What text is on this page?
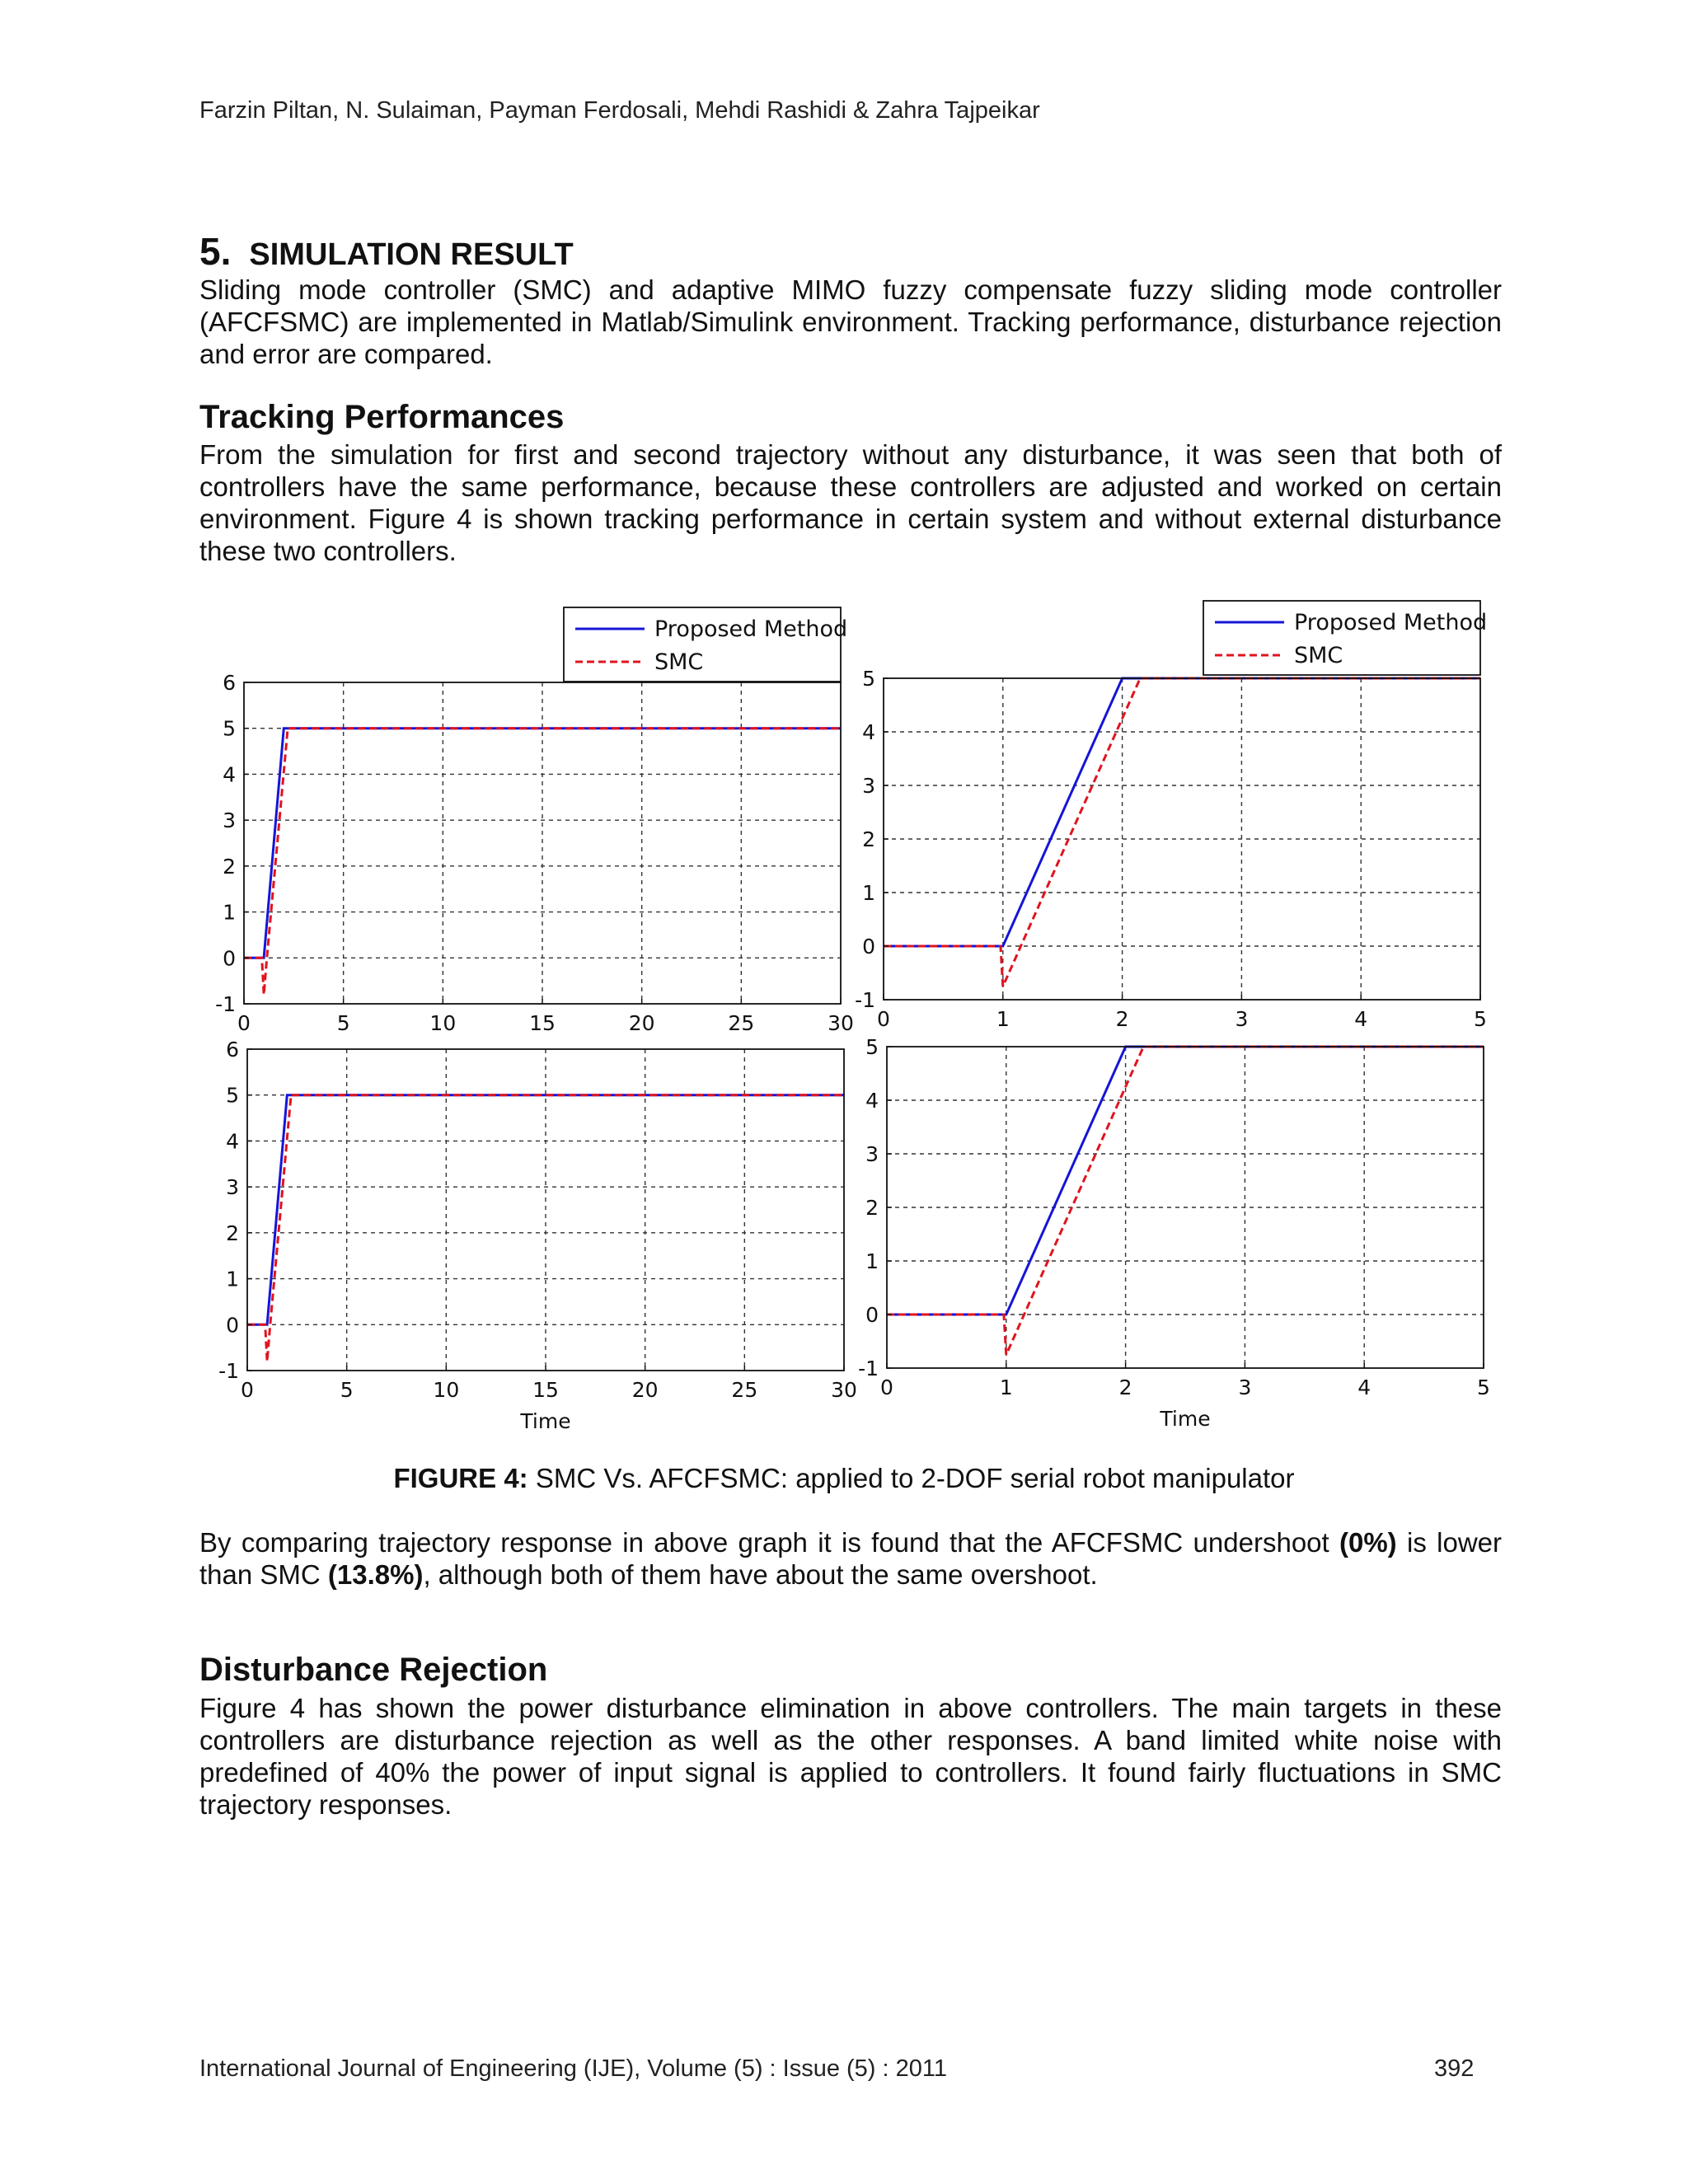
Farzin Piltan, N. Sulaiman, Payman Ferdosali, Mehdi Rashidi & Zahra Tajpeikar
5. SIMULATION RESULT
Sliding mode controller (SMC) and adaptive MIMO fuzzy compensate fuzzy sliding mode controller (AFCFSMC) are implemented in Matlab/Simulink environment. Tracking performance, disturbance rejection and error are compared.
Tracking Performances
From the simulation for first and second trajectory without any disturbance, it was seen that both of controllers have the same performance, because these controllers are adjusted and worked on certain environment. Figure 4 is shown tracking performance in certain system and without external disturbance these two controllers.
0	5	10	15	20	25	30
-1
0
1
2
3
4
5
6
Proposed Method
SMC
0	1	2	3	4	5
-1
0
1
2
3
4
5
Proposed Method
SMC
0	5	10	15	20	25	30
-1
0
1
2
3
4
5
6
Time
0	1	2	3	4	5
-1
0
1
2
3
4
5
Time
FIGURE 4: SMC Vs. AFCFSMC: applied to 2-DOF serial robot manipulator
By comparing trajectory response in above graph it is found that the AFCFSMC undershoot (0%) is lower than SMC (13.8%), although both of them have about the same overshoot.
Disturbance Rejection
Figure 4 has shown the power disturbance elimination in above controllers. The main targets in these controllers are disturbance rejection as well as the other responses. A band limited white noise with predefined of 40% the power of input signal is applied to controllers. It found fairly fluctuations in SMC trajectory responses.
International Journal of Engineering (IJE), Volume (5) : Issue (5) : 2011	392
